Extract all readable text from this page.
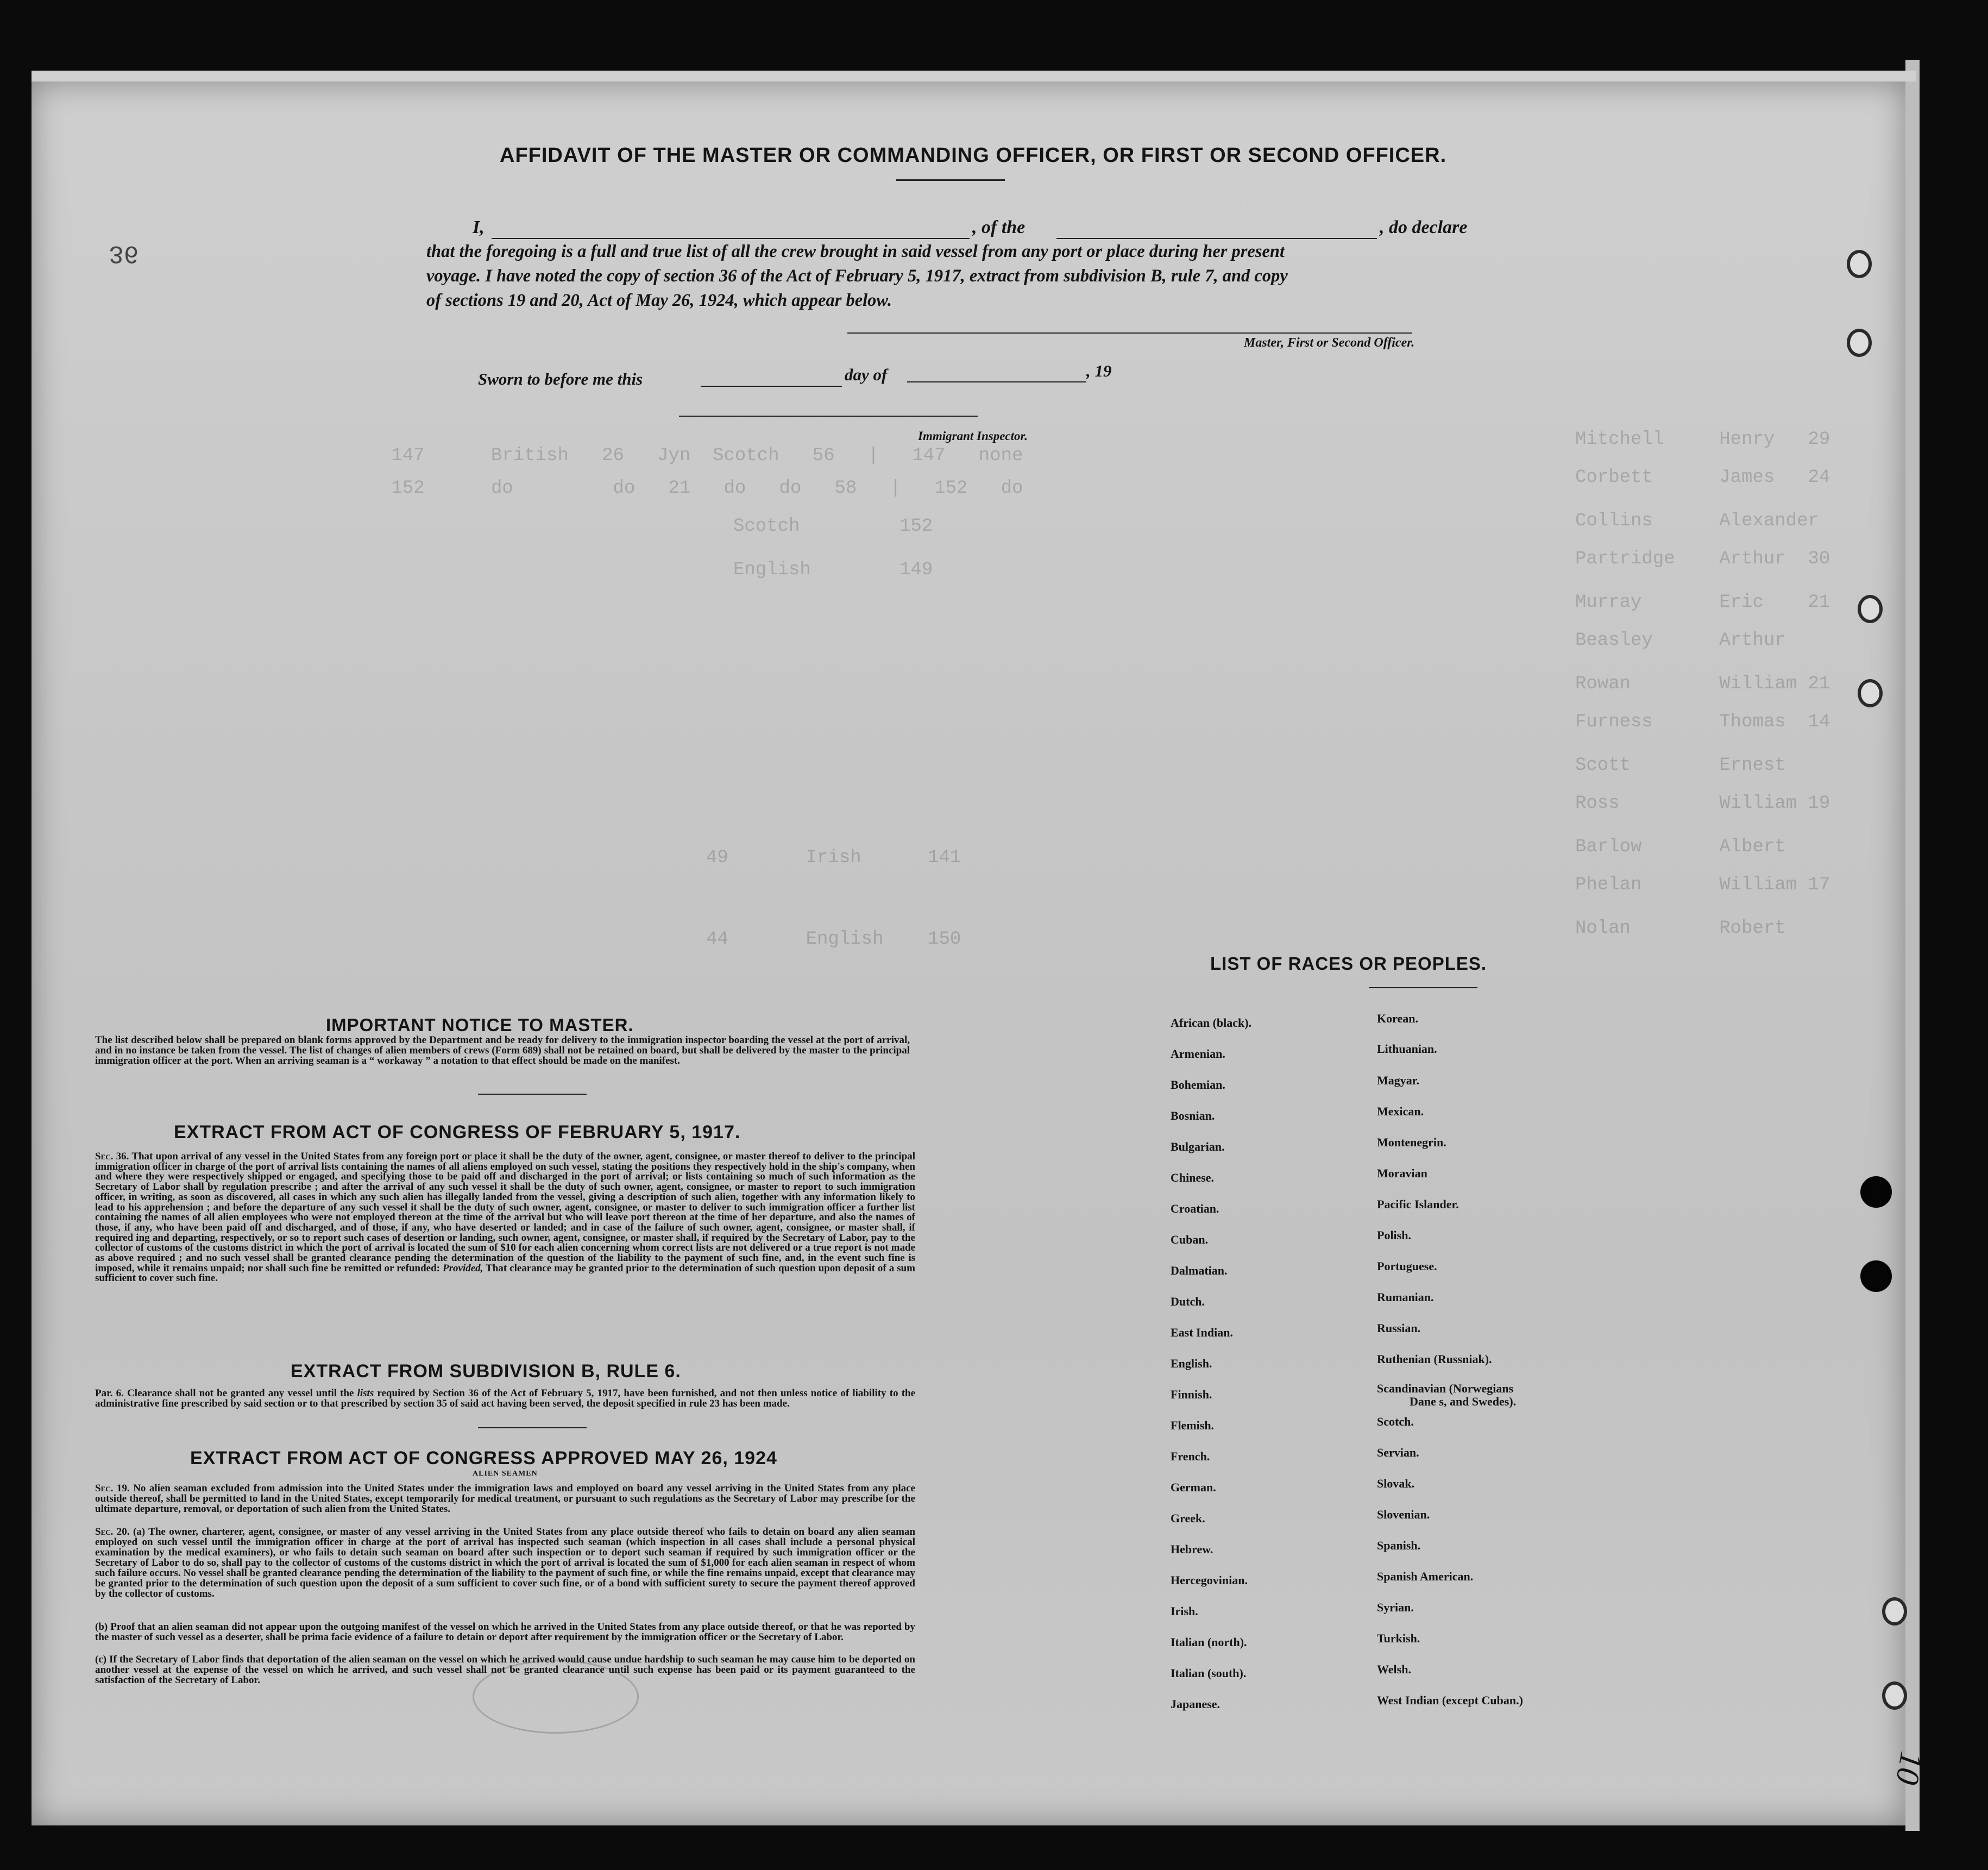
147      British   26   Jyn  Scotch   56   |   147   none
152      do         do   21   do   do   58   |   152   do
Scotch         152
English        149
Mitchell     Henry   29
Corbett      James   24
Collins      Alexander
Partridge    Arthur  30
Murray       Eric    21
Beasley      Arthur
Rowan        William 21
Furness      Thomas  14
Scott        Ernest
Ross         William 19
Barlow       Albert
Phelan       William 17
Nolan        Robert
49       Irish      141
44       English    150
36
AFFIDAVIT OF THE MASTER OR COMMANDING OFFICER, OR FIRST OR SECOND OFFICER.
I,	, of the	, do declare
that the foregoing is a full and true list of all the crew brought in said vessel from any port or place during her present
voyage. I have noted the copy of section 36 of the Act of February 5, 1917, extract from subdivision B, rule 7, and copy
of sections 19 and 20, Act of May 26, 1924, which appear below.
Master, First or Second Officer.
Sworn to before me this	day of	, 19
Immigrant Inspector.
IMPORTANT NOTICE TO MASTER.
The list described below shall be prepared on blank forms approved by the Department and be ready for delivery to the immigration inspector boarding the vessel at the port of arrival, and in no instance be taken from the vessel. The list of changes of alien members of crews (Form 689) shall not be retained on board, but shall be delivered by the master to the principal immigration officer at the port. When an arriving seaman is a “ workaway ” a notation to that effect should be made on the manifest.
EXTRACT FROM ACT OF CONGRESS OF FEBRUARY 5, 1917.
Sec. 36. That upon arrival of any vessel in the United States from any foreign port or place it shall be the duty of the owner, agent, consignee, or master thereof to deliver to the principal immigration officer in charge of the port of arrival lists containing the names of all aliens employed on such vessel, stating the positions they respectively hold in the ship's company, when and where they were respectively shipped or engaged, and specifying those to be paid off and discharged in the port of arrival; or lists containing so much of such information as the Secretary of Labor shall by regulation prescribe ; and after the arrival of any such vessel it shall be the duty of such owner, agent, consignee, or master to report to such immigration officer, in writing, as soon as discovered, all cases in which any such alien has illegally landed from the vessel, giving a description of such alien, together with any information likely to lead to his apprehension ; and before the departure of any such vessel it shall be the duty of such owner, agent, consignee, or master to deliver to such immigration officer a further list containing the names of all alien employees who were not employed thereon at the time of the arrival but who will leave port thereon at the time of her departure, and also the names of those, if any, who have been paid off and discharged, and of those, if any, who have deserted or landed; and in case of the failure of such owner, agent, consignee, or master shall, if required ing and departing, respectively, or so to report such cases of desertion or landing, such owner, agent, consignee, or master shall, if required by the Secretary of Labor, pay to the collector of customs of the customs district in which the port of arrival is located the sum of $10 for each alien concerning whom correct lists are not delivered or a true report is not made as above required ; and no such vessel shall be granted clearance pending the determination of the question of the liability to the payment of such fine, and, in the event such fine is imposed, while it remains unpaid; nor shall such fine be remitted or refunded: Provided, That clearance may be granted prior to the determination of such question upon deposit of a sum sufficient to cover such fine.
EXTRACT FROM SUBDIVISION B, RULE 6.
Par. 6. Clearance shall not be granted any vessel until the lists required by Section 36 of the Act of February 5, 1917, have been furnished, and not then unless notice of liability to the administrative fine prescribed by said section or to that prescribed by section 35 of said act having been served, the deposit specified in rule 23 has been made.
EXTRACT FROM ACT OF CONGRESS APPROVED MAY 26, 1924
ALIEN SEAMEN
Sec. 19. No alien seaman excluded from admission into the United States under the immigration laws and employed on board any vessel arriving in the United States from any place outside thereof, shall be permitted to land in the United States, except temporarily for medical treatment, or pursuant to such regulations as the Secretary of Labor may prescribe for the ultimate departure, removal, or deportation of such alien from the United States.
Sec. 20. (a) The owner, charterer, agent, consignee, or master of any vessel arriving in the United States from any place outside thereof who fails to detain on board any alien seaman employed on such vessel until the immigration officer in charge at the port of arrival has inspected such seaman (which inspection in all cases shall include a personal physical examination by the medical examiners), or who fails to detain such seaman on board after such inspection or to deport such seaman if required by such immigration officer or the Secretary of Labor to do so, shall pay to the collector of customs of the customs district in which the port of arrival is located the sum of $1,000 for each alien seaman in respect of whom such failure occurs. No vessel shall be granted clearance pending the determination of the liability to the payment of such fine, or while the fine remains unpaid, except that clearance may be granted prior to the determination of such question upon the deposit of a sum sufficient to cover such fine, or of a bond with sufficient surety to secure the payment thereof approved by the collector of customs.
(b) Proof that an alien seaman did not appear upon the outgoing manifest of the vessel on which he arrived in the United States from any place outside thereof, or that he was reported by the master of such vessel as a deserter, shall be prima facie evidence of a failure to detain or deport after requirement by the immigration officer or the Secretary of Labor.
(c) If the Secretary of Labor finds that deportation of the alien seaman on the vessel on which he arrived would cause undue hardship to such seaman he may cause him to be deported on another vessel at the expense of the vessel on which he arrived, and such vessel shall not be granted clearance until such expense has been paid or its payment guaranteed to the satisfaction of the Secretary of Labor.
LIST OF RACES OR PEOPLES.
African (black).
Armenian.
Bohemian.
Bosnian.
Bulgarian.
Chinese.
Croatian.
Cuban.
Dalmatian.
Dutch.
East Indian.
English.
Finnish.
Flemish.
French.
German.
Greek.
Hebrew.
Hercegovinian.
Irish.
Italian (north).
Italian (south).
Japanese.
Korean.
Lithuanian.
Magyar.
Mexican.
Montenegrin.
Moravian
Pacific Islander.
Polish.
Portuguese.
Rumanian.
Russian.
Ruthenian (Russniak).
Scandinavian (Norwegians
Dane s, and Swedes).
Scotch.
Servian.
Slovak.
Slovenian.
Spanish.
Spanish American.
Syrian.
Turkish.
Welsh.
West Indian (except Cuban.)
10
